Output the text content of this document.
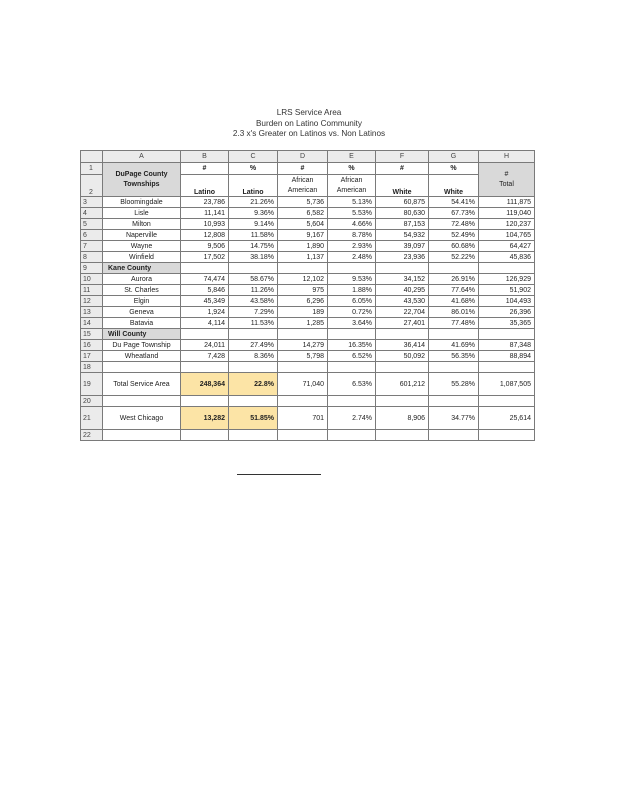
LRS Service Area
Burden on Latino Community
2.3 x's Greater on Latinos vs. Non Latinos
	A	B	C	D	E	F	G	H
1	DuPage County Townships	#	%	#	%	#	%	#
Total

2		Latino	Latino	African American	African American	White	White	
3	Bloomingdale	23,786	21.26%	5,736	5.13%	60,875	54.41%	111,875
4	Lisle	11,141	9.36%	6,582	5.53%	80,630	67.73%	119,040
5	Milton	10,993	9.14%	5,604	4.66%	87,153	72.48%	120,237
6	Naperville	12,808	11.58%	9,167	8.78%	54,932	52.49%	104,765
7	Wayne	9,506	14.75%	1,890	2.93%	39,097	60.68%	64,427
8	Winfield	17,502	38.18%	1,137	2.48%	23,936	52.22%	45,836
9	Kane County							
10	Aurora	74,474	58.67%	12,102	9.53%	34,152	26.91%	126,929
11	St. Charles	5,846	11.26%	975	1.88%	40,295	77.64%	51,902
12	Elgin	45,349	43.58%	6,296	6.05%	43,530	41.68%	104,493
13	Geneva	1,924	7.29%	189	0.72%	22,704	86.01%	26,396
14	Batavia	4,114	11.53%	1,285	3.64%	27,401	77.48%	35,365
15	Will County							
16	Du Page Township	24,011	27.49%	14,279	16.35%	36,414	41.69%	87,348
17	Wheatland	7,428	8.36%	5,798	6.52%	50,092	56.35%	88,894
18								
19	Total Service Area	248,364	22.8%	71,040	6.53%	601,212	55.28%	1,087,505
20								
21	West Chicago	13,282	51.85%	701	2.74%	8,906	34.77%	25,614
22								
